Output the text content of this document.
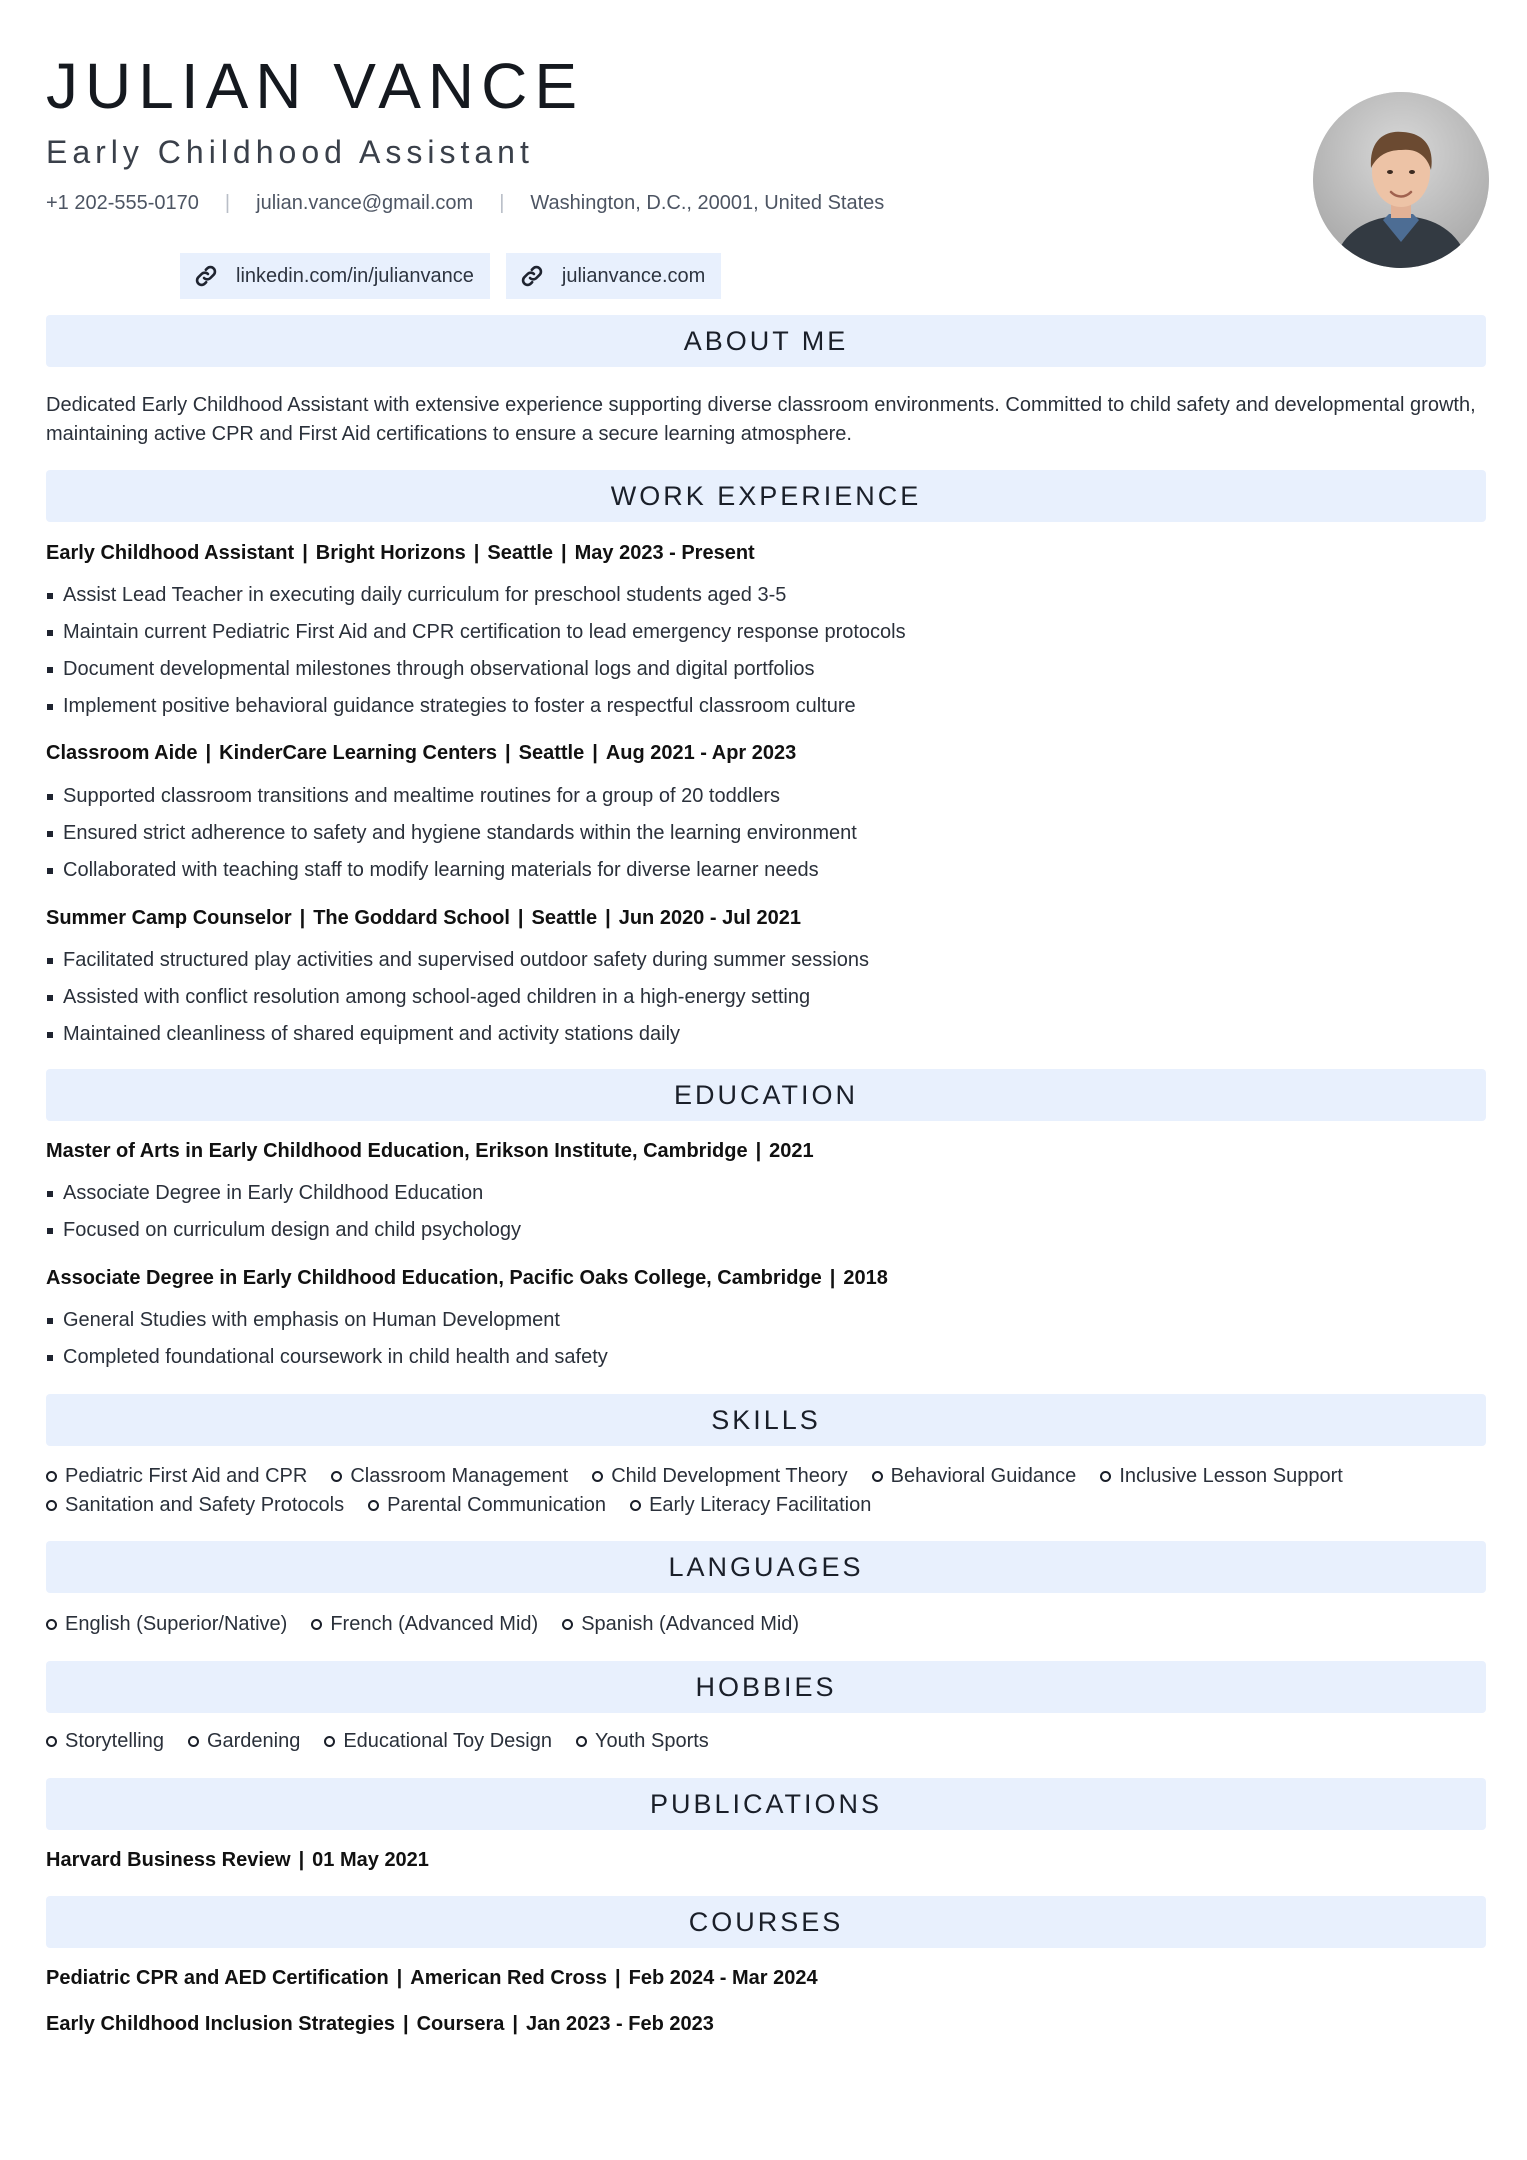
JULIAN VANCE
Early Childhood Assistant
+1 202-555-0170 | julian.vance@gmail.com | Washington, D.C., 20001, United States
linkedin.com/in/julianvance	julianvance.com
ABOUT ME
Dedicated Early Childhood Assistant with extensive experience supporting diverse classroom environments. Committed to child safety and developmental growth, maintaining active CPR and First Aid certifications to ensure a secure learning atmosphere.
WORK EXPERIENCE
Early Childhood Assistant | Bright Horizons | Seattle | May 2023 - Present
Assist Lead Teacher in executing daily curriculum for preschool students aged 3-5
Maintain current Pediatric First Aid and CPR certification to lead emergency response protocols
Document developmental milestones through observational logs and digital portfolios
Implement positive behavioral guidance strategies to foster a respectful classroom culture
Classroom Aide | KinderCare Learning Centers | Seattle | Aug 2021 - Apr 2023
Supported classroom transitions and mealtime routines for a group of 20 toddlers
Ensured strict adherence to safety and hygiene standards within the learning environment
Collaborated with teaching staff to modify learning materials for diverse learner needs
Summer Camp Counselor | The Goddard School | Seattle | Jun 2020 - Jul 2021
Facilitated structured play activities and supervised outdoor safety during summer sessions
Assisted with conflict resolution among school-aged children in a high-energy setting
Maintained cleanliness of shared equipment and activity stations daily
EDUCATION
Master of Arts in Early Childhood Education, Erikson Institute, Cambridge | 2021
Associate Degree in Early Childhood Education
Focused on curriculum design and child psychology
Associate Degree in Early Childhood Education, Pacific Oaks College, Cambridge | 2018
General Studies with emphasis on Human Development
Completed foundational coursework in child health and safety
SKILLS
Pediatric First Aid and CPR Classroom Management Child Development Theory Behavioral Guidance Inclusive Lesson Support
Sanitation and Safety Protocols Parental Communication Early Literacy Facilitation
LANGUAGES
English (Superior/Native) French (Advanced Mid) Spanish (Advanced Mid)
HOBBIES
Storytelling Gardening Educational Toy Design Youth Sports
PUBLICATIONS
Harvard Business Review | 01 May 2021
COURSES
Pediatric CPR and AED Certification | American Red Cross | Feb 2024 - Mar 2024
Early Childhood Inclusion Strategies | Coursera | Jan 2023 - Feb 2023
